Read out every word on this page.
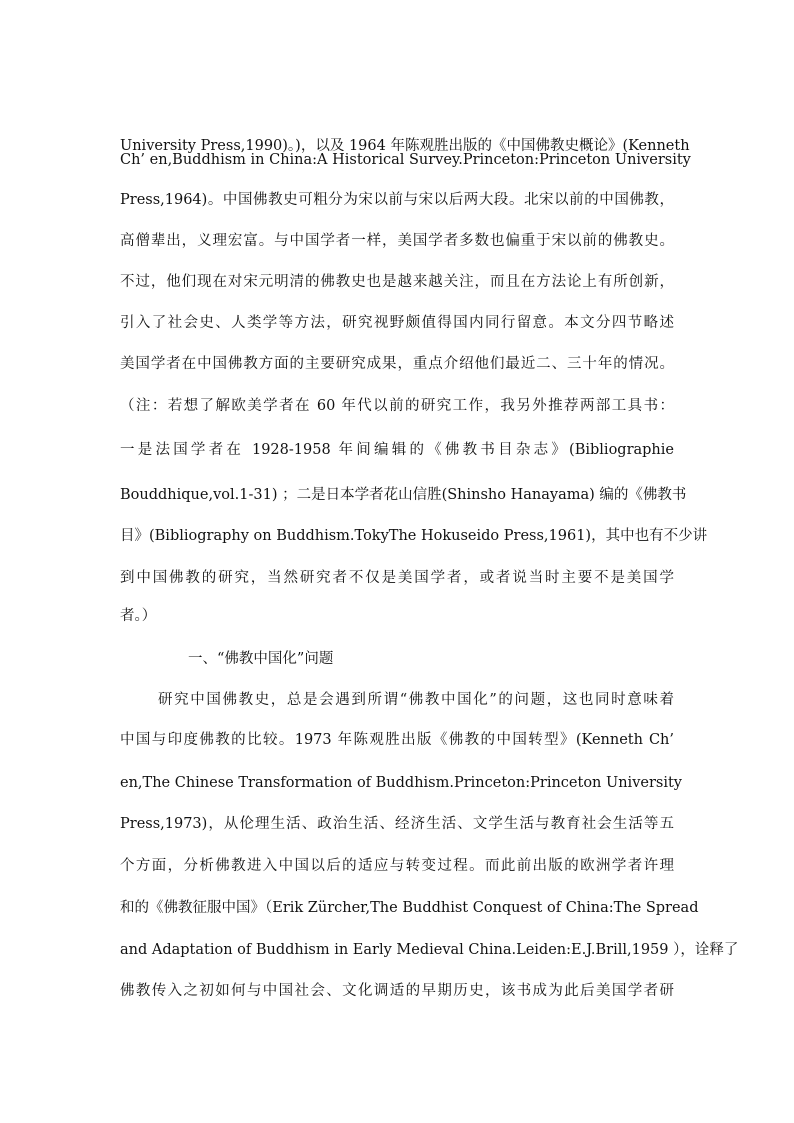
University Press,1990)。)，以及 1964 年陈观胜出版的《中国佛教史概论》(Kenneth
Ch’ en,Buddhism in China:A Historical Survey.Princeton:Princeton University
Press,1964)。中国佛教史可粗分为宋以前与宋以后两大段。北宋以前的中国佛教，
高僧辈出，义理宏富。与中国学者一样，美国学者多数也偏重于宋以前的佛教史。
不过，他们现在对宋元明清的佛教史也是越来越关注，而且在方法论上有所创新，
引入了社会史、人类学等方法，研究视野颇值得国内同行留意。本文分四节略述
美国学者在中国佛教方面的主要研究成果，重点介绍他们最近二、三十年的情况。
（注：若想了解欧美学者在 60 年代以前的研究工作，我另外推荐两部工具书：
一是法国学者在 1928-1958 年间编辑的《佛教书目杂志》(Bibliographie
Bouddhique,vol.1-31) ；二是日本学者花山信胜(Shinsho Hanayama) 编的《佛教书
目》(Bibliography on Buddhism.TokyThe Hokuseido Press,1961)，其中也有不少讲
到中国佛教的研究，当然研究者不仅是美国学者，或者说当时主要不是美国学
者。）
一、“佛教中国化”问题
研究中国佛教史，总是会遇到所谓“佛教中国化”的问题，这也同时意味着
中国与印度佛教的比较。1973 年陈观胜出版《佛教的中国转型》(Kenneth Ch’
en,The Chinese Transformation of Buddhism.Princeton:Princeton University
Press,1973)，从伦理生活、政治生活、经济生活、文学生活与教育社会生活等五
个方面，分析佛教进入中国以后的适应与转变过程。而此前出版的欧洲学者许理
和的《佛教征服中国》（Erik Zürcher,The Buddhist Conquest of China:The Spread
and Adaptation of Buddhism in Early Medieval China.Leiden:E.J.Brill,1959 ），诠释了
佛教传入之初如何与中国社会、文化调适的早期历史，该书成为此后美国学者研
